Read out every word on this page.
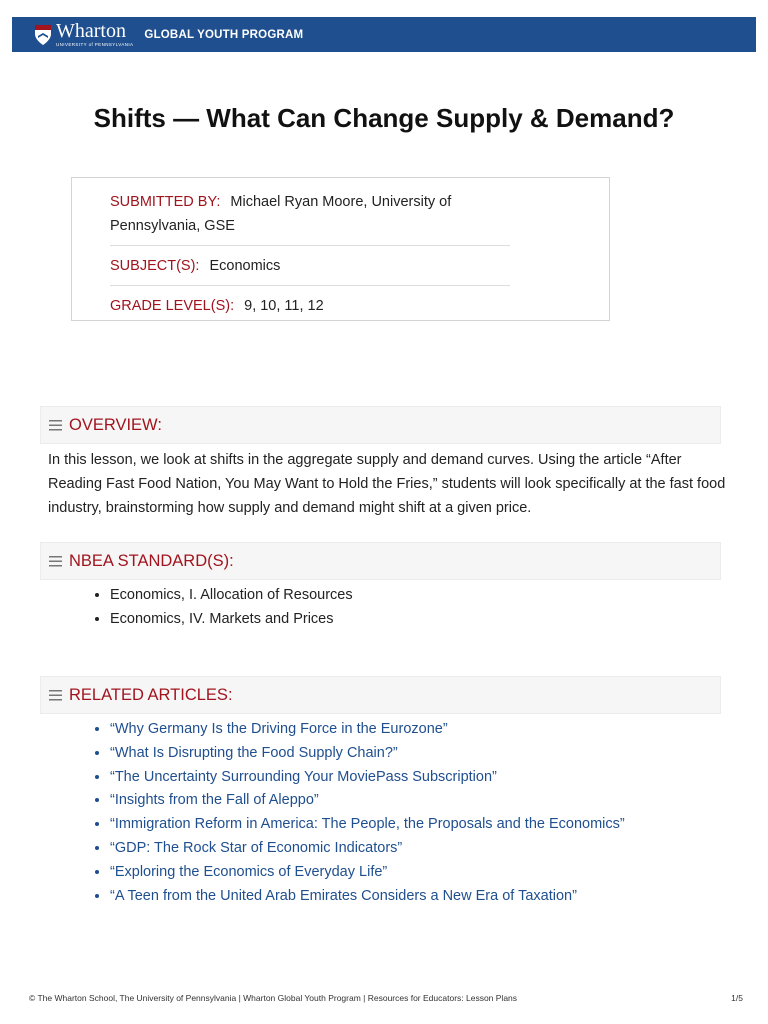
Wharton
UNIVERSITY of PENNSYLVANIA
GLOBAL YOUTH PROGRAM
Shifts — What Can Change Supply & Demand?
SUBMITTED BY: Michael Ryan Moore, University of Pennsylvania, GSE
SUBJECT(S): Economics
GRADE LEVEL(S): 9, 10, 11, 12
OVERVIEW:

In this lesson, we look at shifts in the aggregate supply and demand curves. Using the article “After Reading Fast Food Nation, You May Want to Hold the Fries,” students will look specifically at the fast food industry, brainstorming how supply and demand might shift at a given price.

NBEA STANDARD(S):
• Economics, I. Allocation of Resources
• Economics, IV. Markets and Prices
RELATED ARTICLES:
• “Why Germany Is the Driving Force in the Eurozone”
• “What Is Disrupting the Food Supply Chain?”
• “The Uncertainty Surrounding Your MoviePass Subscription”
• “Insights from the Fall of Aleppo”
• “Immigration Reform in America: The People, the Proposals and the Economics”
• “GDP: The Rock Star of Economic Indicators”
• “Exploring the Economics of Everyday Life”
• “A Teen from the United Arab Emirates Considers a New Era of Taxation”
© The Wharton School, The University of Pennsylvania | Wharton Global Youth Program | Resources for Educators: Lesson Plans	1/5
